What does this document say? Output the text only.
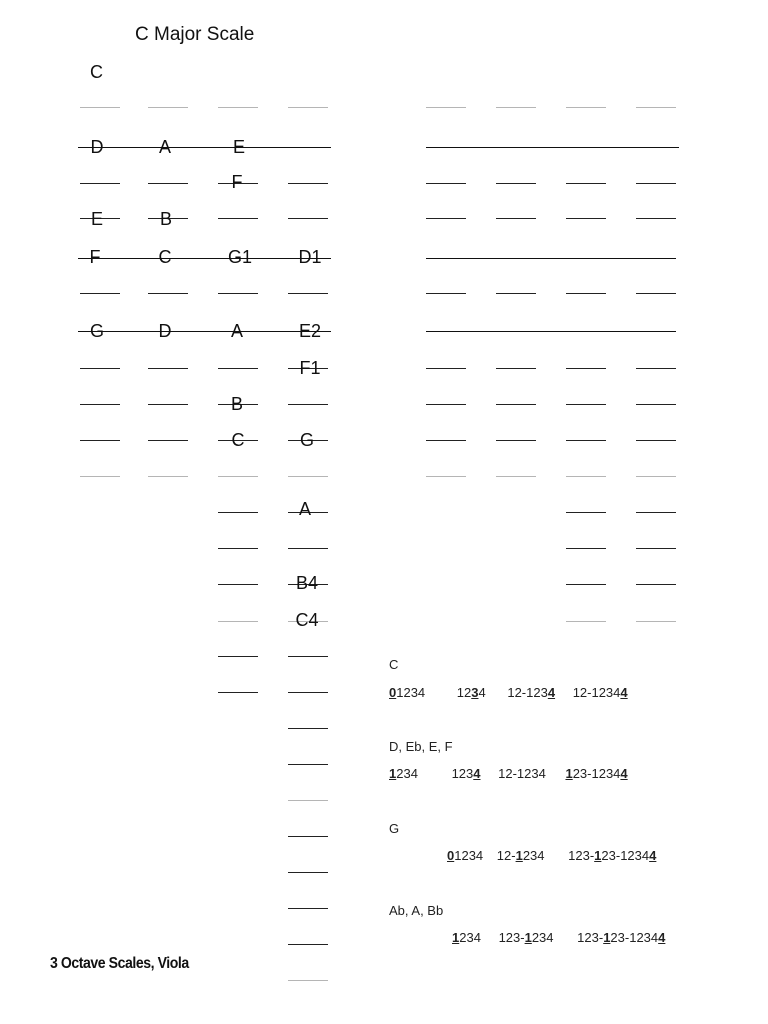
C Major Scale
C
D	A	E
F
E	B
F	C	G1	D1
G	D	A	E2
F1
B
C	G
A
B4
C4
C
01234 1234 12-1234 12-12344
D, Eb, E, F
1234	1234 12-1234 123-12344
G
01234 12-1234 123-123-12344
Ab, A, Bb
1234 123-1234 123-123-12344
3 Octave Scales, Viola
